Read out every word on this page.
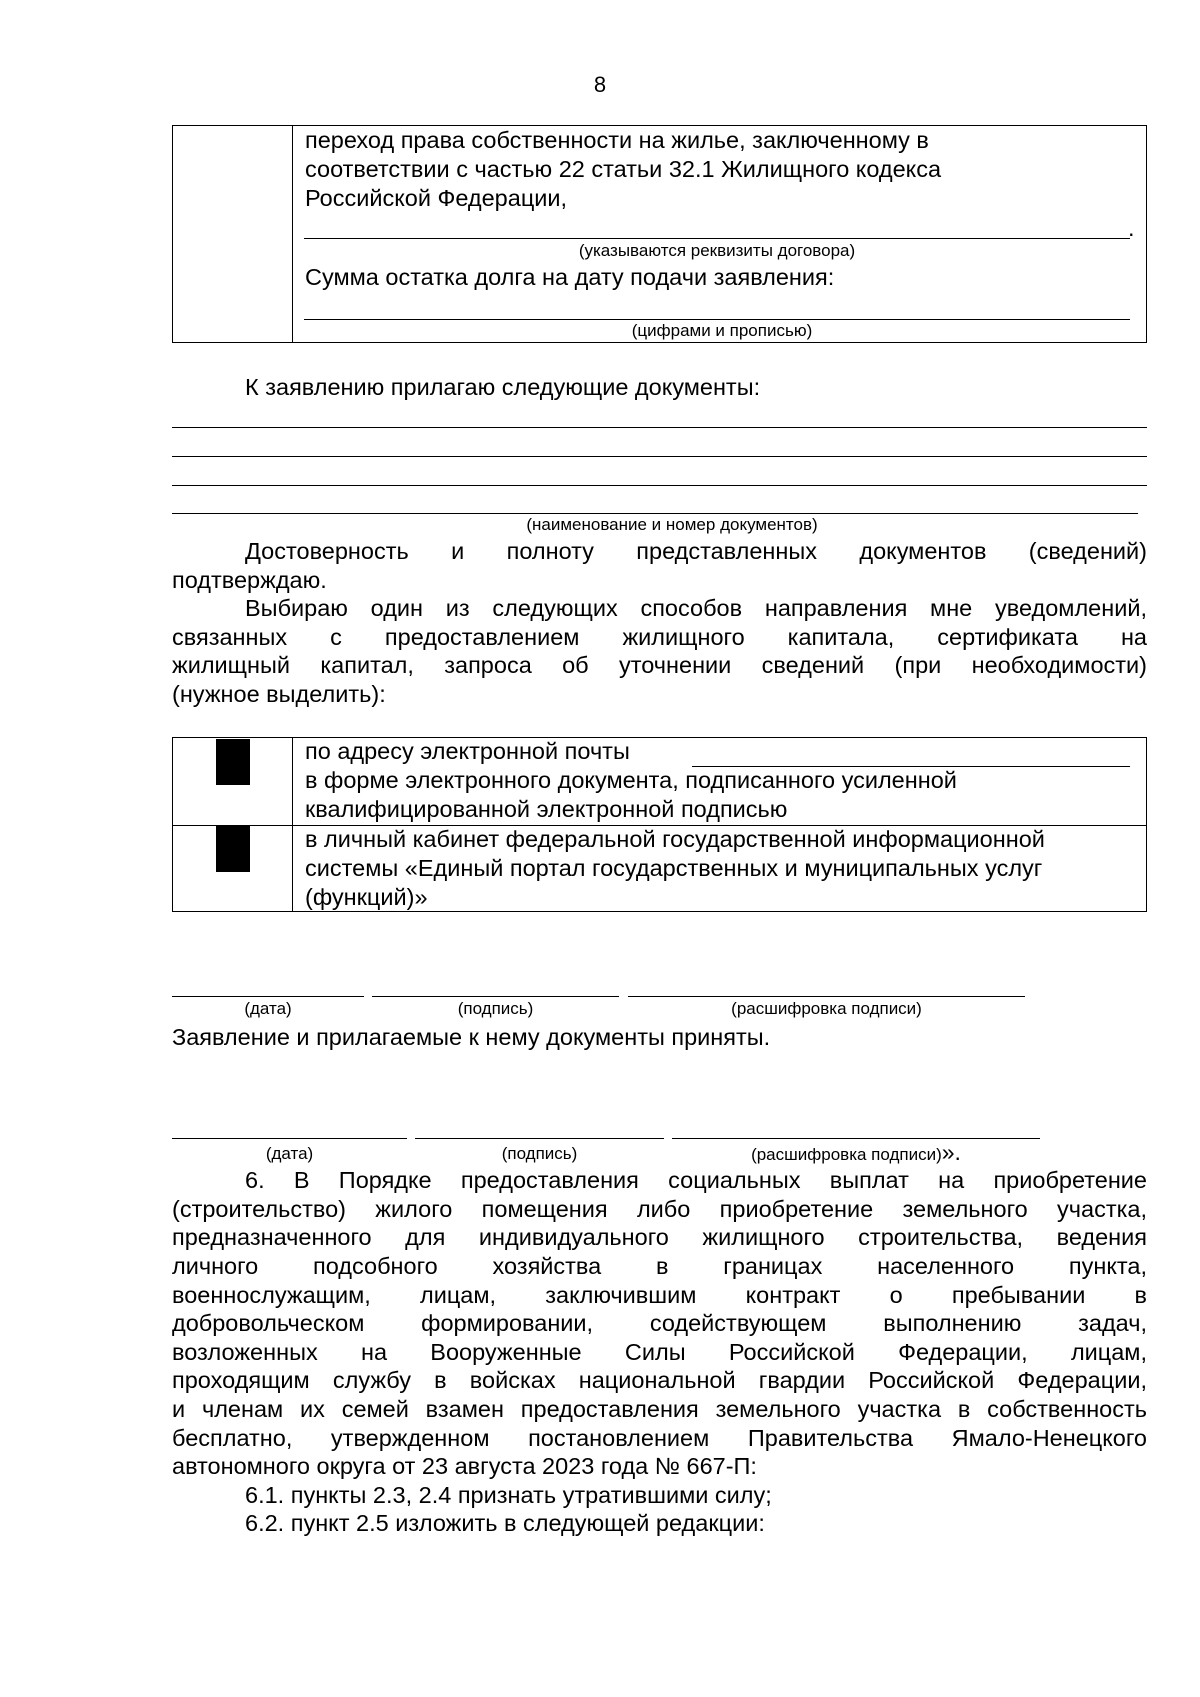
8
переход права собственности на жилье, заключенному в
соответствии с частью 22 статьи 32.1 Жилищного кодекса
Российской Федерации,
.
(указываются реквизиты договора)
Сумма остатка долга на дату подачи заявления:
(цифрами и прописью)
К заявлению прилагаю следующие документы:
(наименование и номер документов)
Достоверность и полноту представленных документов (сведений)
подтверждаю.
Выбираю один из следующих способов направления мне уведомлений,
связанных с предоставлением жилищного капитала, сертификата на
жилищный капитал, запроса об уточнении сведений (при необходимости)
(нужное выделить):
по адресу электронной почты
в форме электронного документа, подписанного усиленной
квалифицированной электронной подписью
в личный кабинет федеральной государственной информационной
системы «Единый портал государственных и муниципальных услуг
(функций)»
(дата)	(подпись)	(расшифровка подписи)
Заявление и прилагаемые к нему документы приняты.
(дата)	(подпись)	(расшифровка подписи)».
6. В Порядке предоставления социальных выплат на приобретение
(строительство) жилого помещения либо приобретение земельного участка,
предназначенного для индивидуального жилищного строительства, ведения
личного подсобного хозяйства в границах населенного пункта,
военнослужащим, лицам, заключившим контракт о пребывании в
добровольческом формировании, содействующем выполнению задач,
возложенных на Вооруженные Силы Российской Федерации, лицам,
проходящим службу в войсках национальной гвардии Российской Федерации,
и членам их семей взамен предоставления земельного участка в собственность
бесплатно, утвержденном постановлением Правительства Ямало-Ненецкого
автономного округа от 23 августа 2023 года № 667-П:
6.1. пункты 2.3, 2.4 признать утратившими силу;
6.2. пункт 2.5 изложить в следующей редакции:
